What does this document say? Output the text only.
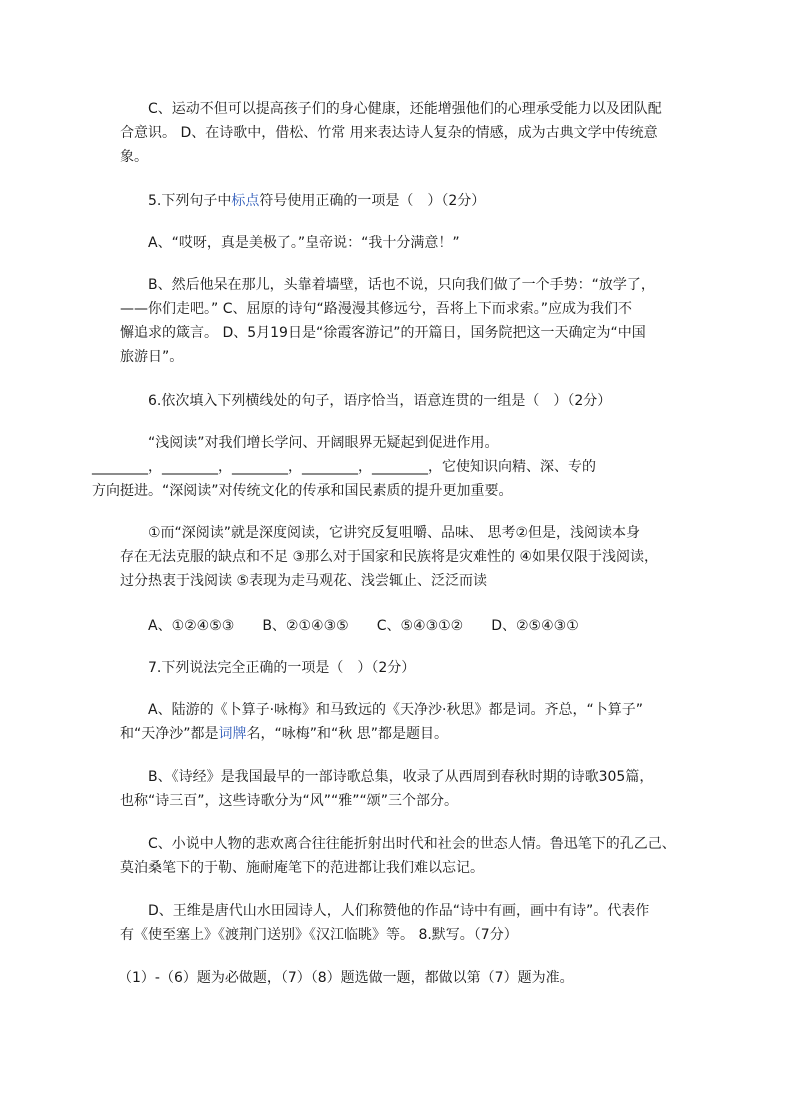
C、运动不但可以提高孩子们的身心健康，还能增强他们的心理承受能力以及团队配
合意识。 D、在诗歌中，借松、竹常 用来表达诗人复杂的情感，成为古典文学中传统意
象。

5.下列句子中标点符号使用正确的一项是（　）（2分）

A、“哎呀，真是美极了。”皇帝说：“我十分满意！”

B、然后他呆在那儿，头靠着墙壁，话也不说，只向我们做了一个手势：“放学了，
——你们走吧。” C、屈原的诗句“路漫漫其修远兮，吾将上下而求索。”应成为我们不
懈追求的箴言。 D、5月19日是“徐霞客游记”的开篇日，国务院把这一天确定为“中国
旅游日”。

6.依次填入下列横线处的句子，语序恰当，语意连贯的一组是（　）（2分）

“浅阅读”对我们增长学问、开阔眼界无疑起到促进作用。
________，________，________，________，________，它使知识向精、深、专的
方向挺进。“深阅读”对传统文化的传承和国民素质的提升更加重要。

①而“深阅读”就是深度阅读，它讲究反复咀嚼、品味、 思考②但是，浅阅读本身
存在无法克服的缺点和不足 ③那么对于国家和民族将是灾难性的 ④如果仅限于浅阅读，
过分热衷于浅阅读 ⑤表现为走马观花、浅尝辄止、泛泛而读

A、①②④⑤③　　B、②①④③⑤　　C、⑤④③①②　　D、②⑤④③①

7.下列说法完全正确的一项是（　）（2分）

A、陆游的《卜算子·咏梅》和马致远的《天净沙·秋思》都是词。齐总，“卜算子”
和“天净沙”都是词牌名，“咏梅”和“秋 思”都是题目。

B、《诗经》是我国最早的一部诗歌总集，收录了从西周到春秋时期的诗歌305篇，
也称“诗三百”，这些诗歌分为“风”“雅”“颂”三个部分。

C、小说中人物的悲欢离合往往能折射出时代和社会的世态人情。鲁迅笔下的孔乙己、
莫泊桑笔下的于勒、施耐庵笔下的范进都让我们难以忘记。

D、王维是唐代山水田园诗人，人们称赞他的作品“诗中有画，画中有诗”。代表作
有《使至塞上》《渡荆门送别》《汉江临眺》等。 8.默写。（7分）

（1）-（6）题为必做题，（7）（8）题选做一题，都做以第（7）题为准。
